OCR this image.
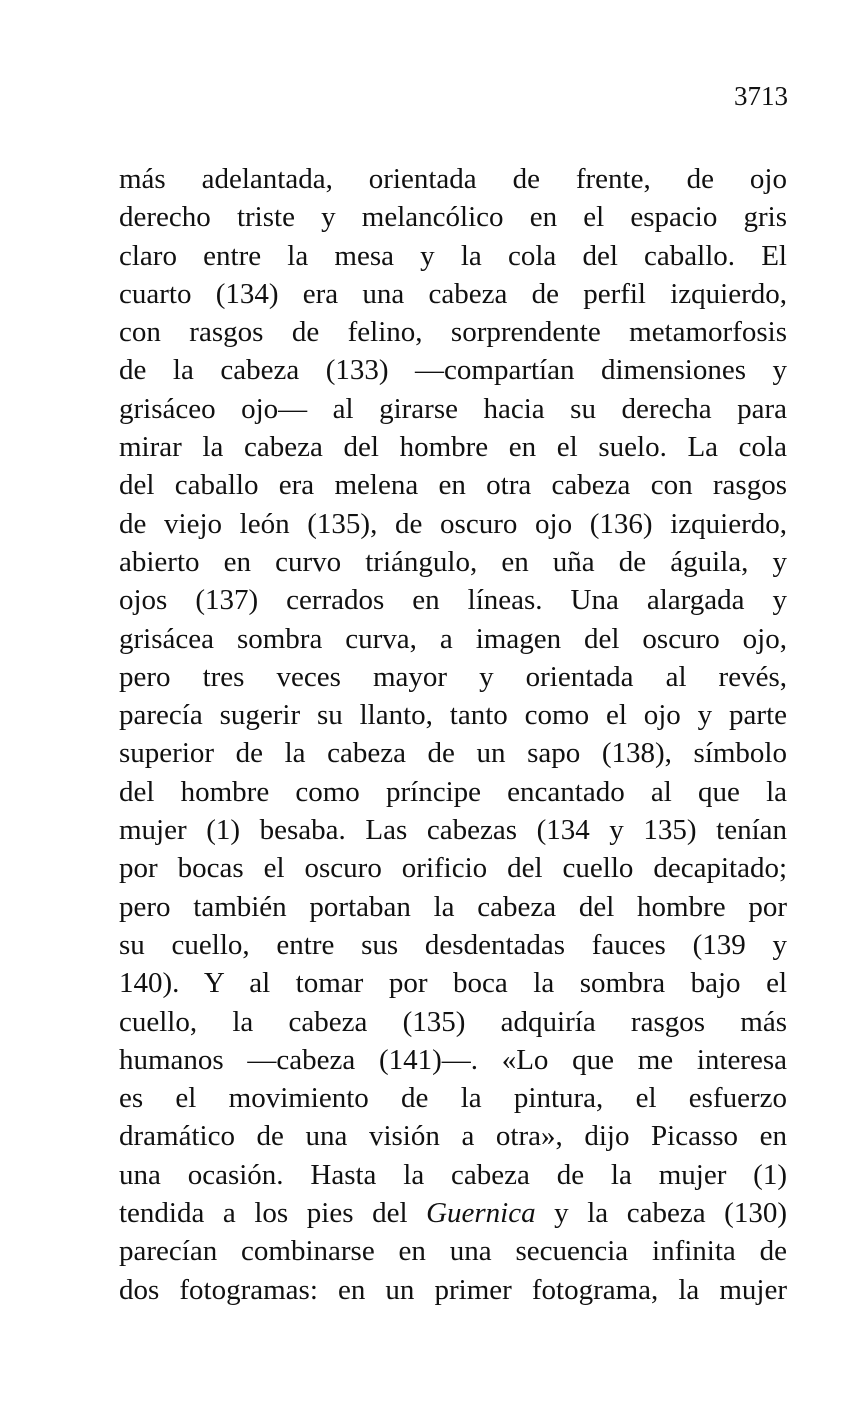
3713
más adelantada, orientada de frente, de ojo
derecho triste y melancólico en el espacio gris
claro entre la mesa y la cola del caballo. El
cuarto (134) era una cabeza de perfil izquierdo,
con rasgos de felino, sorprendente metamorfosis
de la cabeza (133) —compartían dimensiones y
grisáceo ojo— al girarse hacia su derecha para
mirar la cabeza del hombre en el suelo. La cola
del caballo era melena en otra cabeza con rasgos
de viejo león (135), de oscuro ojo (136) izquierdo,
abierto en curvo triángulo, en uña de águila, y
ojos (137) cerrados en líneas. Una alargada y
grisácea sombra curva, a imagen del oscuro ojo,
pero tres veces mayor y orientada al revés,
parecía sugerir su llanto, tanto como el ojo y parte
superior de la cabeza de un sapo (138), símbolo
del hombre como príncipe encantado al que la
mujer (1) besaba. Las cabezas (134 y 135) tenían
por bocas el oscuro orificio del cuello decapitado;
pero también portaban la cabeza del hombre por
su cuello, entre sus desdentadas fauces (139 y
140). Y al tomar por boca la sombra bajo el
cuello, la cabeza (135) adquiría rasgos más
humanos —cabeza (141)—. «Lo que me interesa
es el movimiento de la pintura, el esfuerzo
dramático de una visión a otra», dijo Picasso en
una ocasión. Hasta la cabeza de la mujer (1)
tendida a los pies del Guernica y la cabeza (130)
parecían combinarse en una secuencia infinita de
dos fotogramas: en un primer fotograma, la mujer
